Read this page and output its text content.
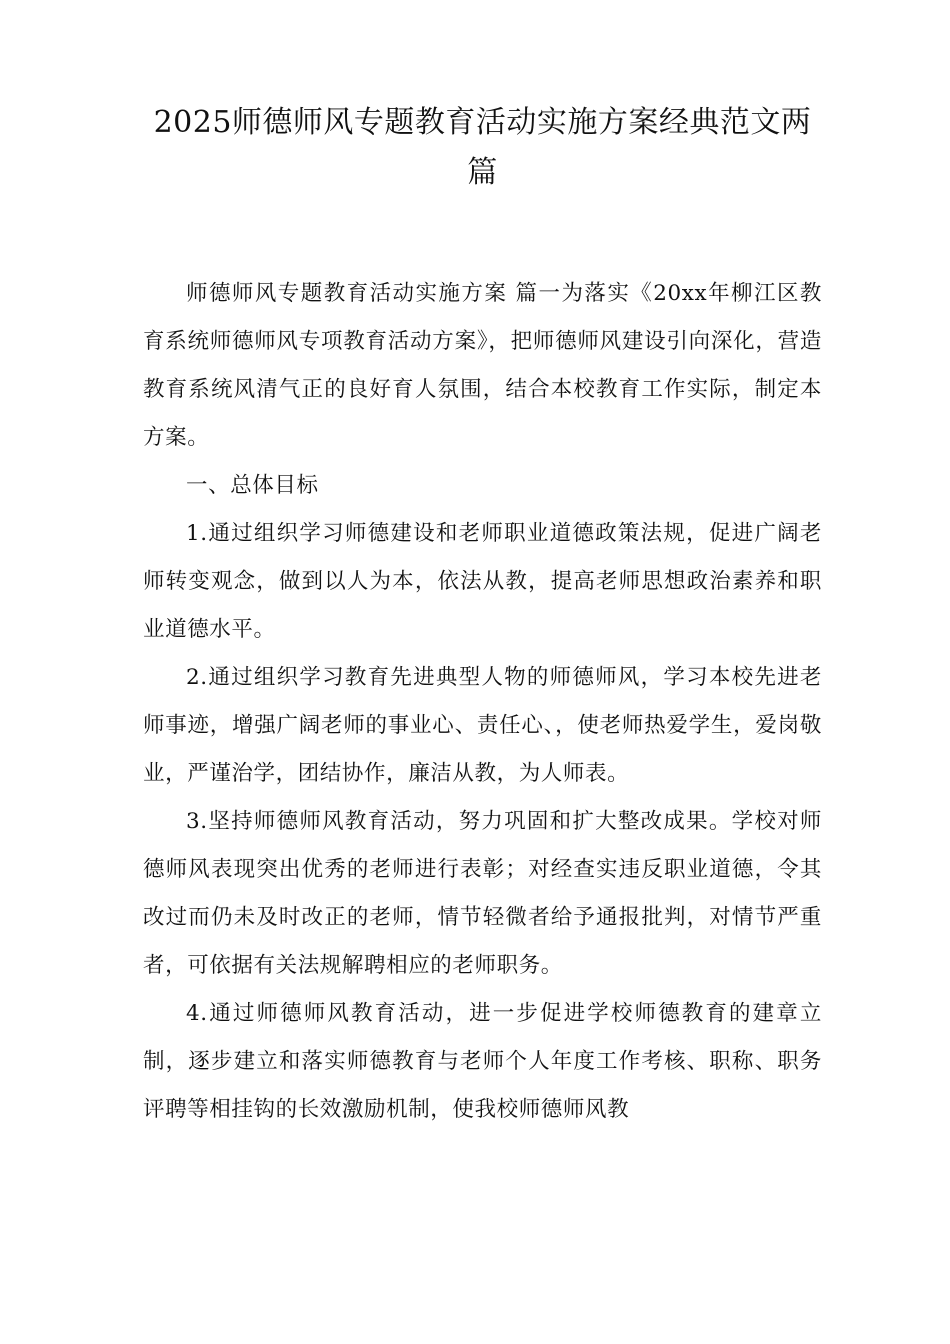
2025师德师风专题教育活动实施方案经典范文两篇

师德师风专题教育活动实施方案 篇一为落实《20xx年柳江区教育系统师德师风专项教育活动方案》，把师德师风建设引向深化，营造教育系统风清气正的良好育人氛围，结合本校教育工作实际，制定本方案。

一、总体目标

1.通过组织学习师德建设和老师职业道德政策法规，促进广阔老师转变观念，做到以人为本，依法从教，提高老师思想政治素养和职业道德水平。

2.通过组织学习教育先进典型人物的师德师风，学习本校先进老师事迹，增强广阔老师的事业心、责任心、，使老师热爱学生，爱岗敬业，严谨治学，团结协作，廉洁从教，为人师表。

3.坚持师德师风教育活动，努力巩固和扩大整改成果。学校对师德师风表现突出优秀的老师进行表彰；对经查实违反职业道德，令其改过而仍未及时改正的老师，情节轻微者给予通报批判，对情节严重者，可依据有关法规解聘相应的老师职务。

4.通过师德师风教育活动，进一步促进学校师德教育的建章立制，逐步建立和落实师德教育与老师个人年度工作考核、职称、职务评聘等相挂钩的长效激励机制，使我校师德师风教
